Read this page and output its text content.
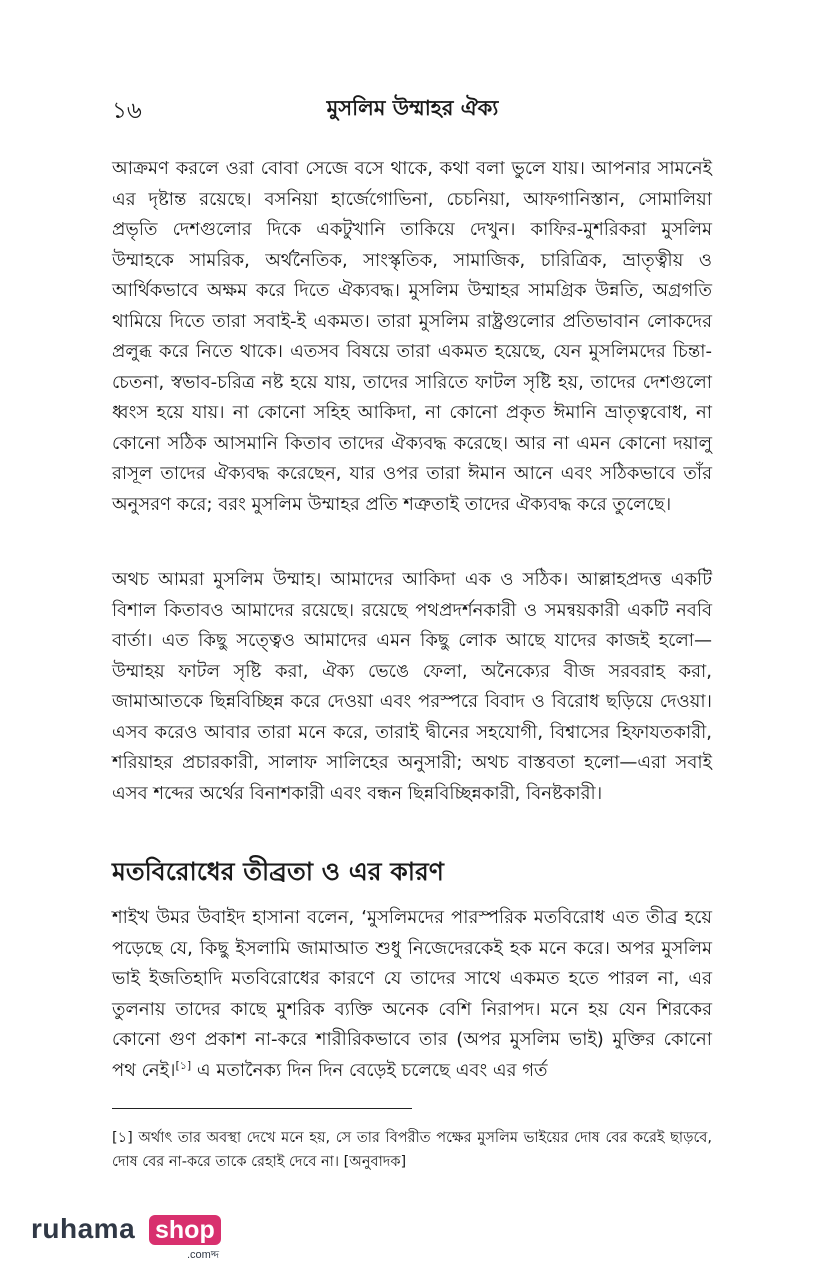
১৬	মুসলিম উম্মাহর ঐক্য

আক্রমণ করলে ওরা বোবা সেজে বসে থাকে, কথা বলা ভুলে যায়। আপনার সামনেই এর দৃষ্টান্ত রয়েছে। বসনিয়া হার্জেগোভিনা, চেচনিয়া, আফগানিস্তান, সোমালিয়া প্রভৃতি দেশগুলোর দিকে একটুখানি তাকিয়ে দেখুন। কাফির-মুশরিকরা মুসলিম উম্মাহকে সামরিক, অর্থনৈতিক, সাংস্কৃতিক, সামাজিক, চারিত্রিক, ভ্রাতৃত্বীয় ও আর্থিকভাবে অক্ষম করে দিতে ঐক্যবদ্ধ। মুসলিম উম্মাহর সামগ্রিক উন্নতি, অগ্রগতি থামিয়ে দিতে তারা সবাই-ই একমত। তারা মুসলিম রাষ্ট্রগুলোর প্রতিভাবান লোকদের প্রলুব্ধ করে নিতে থাকে। এতসব বিষয়ে তারা একমত হয়েছে, যেন মুসলিমদের চিন্তা-চেতনা, স্বভাব-চরিত্র নষ্ট হয়ে যায়, তাদের সারিতে ফাটল সৃষ্টি হয়, তাদের দেশগুলো ধ্বংস হয়ে যায়। না কোনো সহিহ আকিদা, না কোনো প্রকৃত ঈমানি ভ্রাতৃত্ববোধ, না কোনো সঠিক আসমানি কিতাব তাদের ঐক্যবদ্ধ করেছে। আর না এমন কোনো দয়ালু রাসূল তাদের ঐক্যবদ্ধ করেছেন, যার ওপর তারা ঈমান আনে এবং সঠিকভাবে তাঁর অনুসরণ করে; বরং মুসলিম উম্মাহর প্রতি শত্রুতাই তাদের ঐক্যবদ্ধ করে তুলেছে।

অথচ আমরা মুসলিম উম্মাহ। আমাদের আকিদা এক ও সঠিক। আল্লাহপ্রদত্ত একটি বিশাল কিতাবও আমাদের রয়েছে। রয়েছে পথপ্রদর্শনকারী ও সমন্বয়কারী একটি নববি বার্তা। এত কিছু সত্ত্বেও আমাদের এমন কিছু লোক আছে যাদের কাজই হলো—উম্মাহয় ফাটল সৃষ্টি করা, ঐক্য ভেঙে ফেলা, অনৈক্যের বীজ সরবরাহ করা, জামাআতকে ছিন্নবিচ্ছিন্ন করে দেওয়া এবং পরস্পরে বিবাদ ও বিরোধ ছড়িয়ে দেওয়া। এসব করেও আবার তারা মনে করে, তারাই দ্বীনের সহযোগী, বিশ্বাসের হিফাযতকারী, শরিয়াহর প্রচারকারী, সালাফ সালিহের অনুসারী; অথচ বাস্তবতা হলো—এরা সবাই এসব শব্দের অর্থের বিনাশকারী এবং বন্ধন ছিন্নবিচ্ছিন্নকারী, বিনষ্টকারী।

মতবিরোধের তীব্রতা ও এর কারণ

শাইখ উমর উবাইদ হাসানা বলেন, ‘মুসলিমদের পারস্পরিক মতবিরোধ এত তীব্র হয়ে পড়েছে যে, কিছু ইসলামি জামাআত শুধু নিজেদেরকেই হক মনে করে। অপর মুসলিম ভাই ইজতিহাদি মতবিরোধের কারণে যে তাদের সাথে একমত হতে পারল না, এর তুলনায় তাদের কাছে মুশরিক ব্যক্তি অনেক বেশি নিরাপদ। মনে হয় যেন শিরকের কোনো গুণ প্রকাশ না-করে শারীরিকভাবে তার (অপর মুসলিম ভাই) মুক্তির কোনো পথ নেই।[১] এ মতানৈক্য দিন দিন বেড়েই চলেছে এবং এর গর্ত

[১] অর্থাৎ তার অবস্থা দেখে মনে হয়, সে তার বিপরীত পক্ষের মুসলিম ভাইয়ের দোষ বের করেই ছাড়বে, দোষ বের না-করে তাকে রেহাই দেবে না। [অনুবাদক]

ruhama shop
.comদ্দ
